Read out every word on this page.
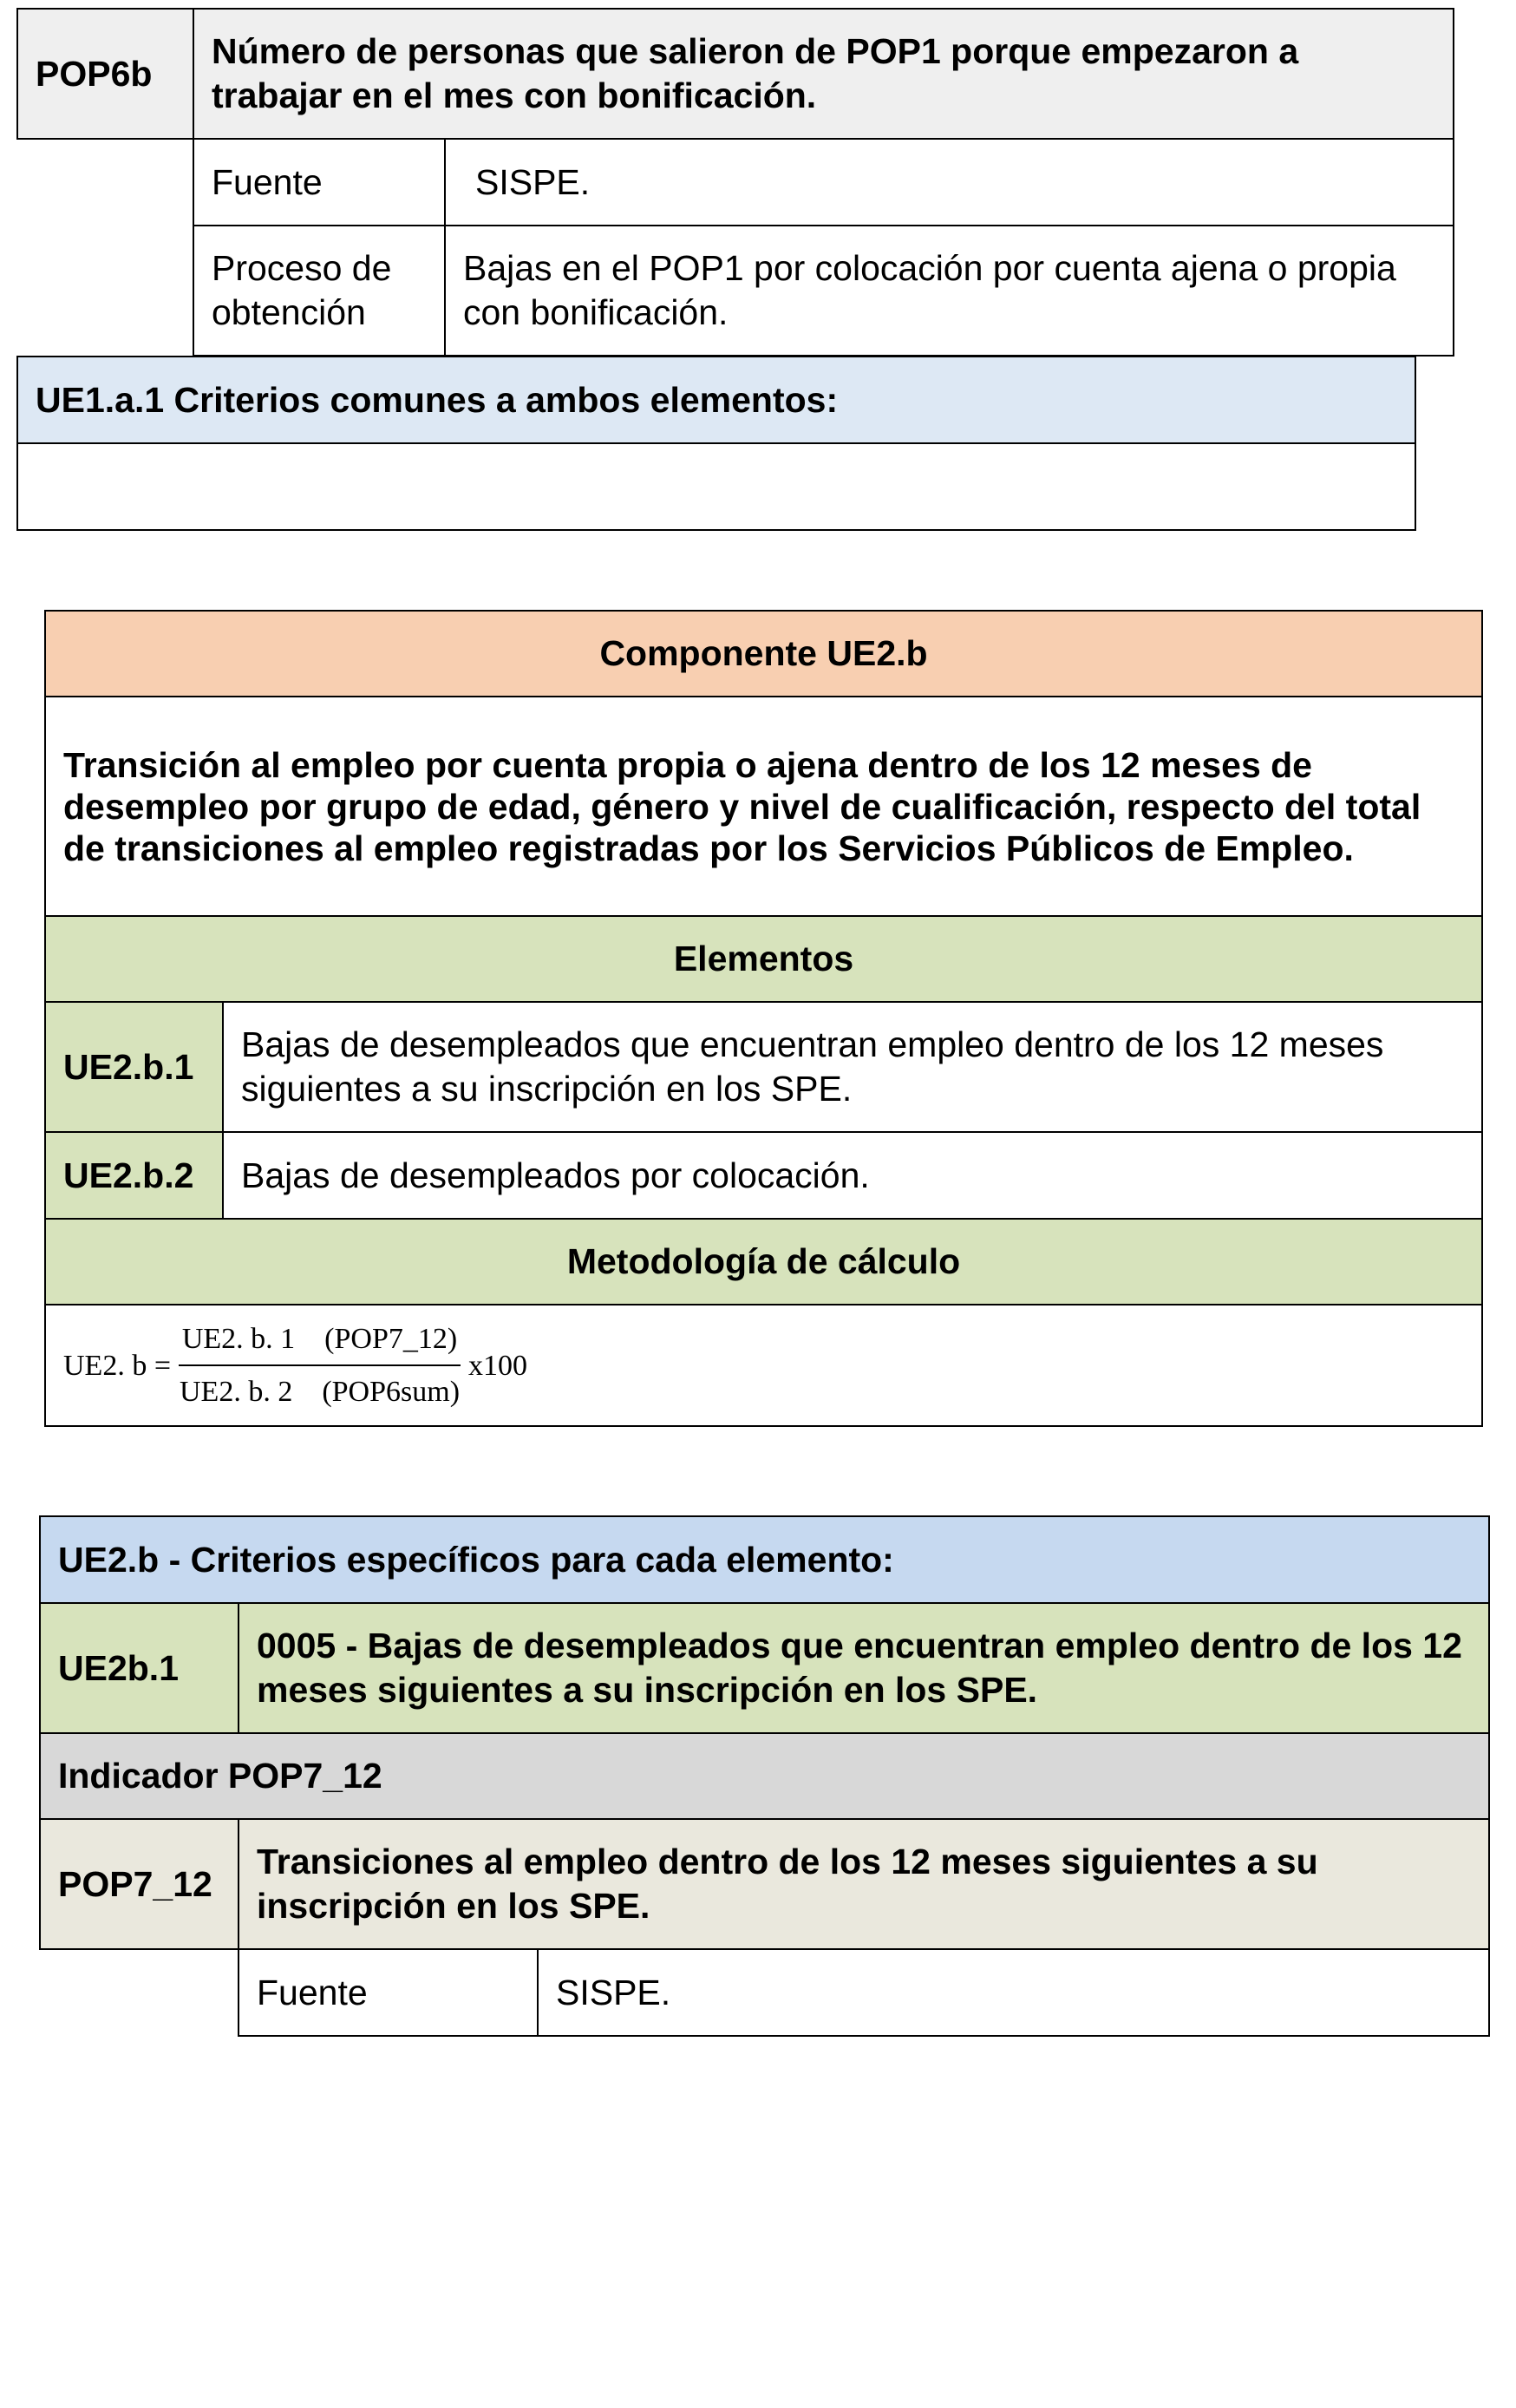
POP6b	Número de personas que salieron de POP1 porque empezaron a trabajar en el mes con bonificación.	
	Fuente	SISPE.
	Proceso de obtención	Bajas en el POP1 por colocación por cuenta ajena o propia con bonificación.
UE1.a.1 Criterios comunes a ambos elementos:

Componente UE2.b	
Transición al empleo por cuenta propia o ajena dentro de los 12 meses de desempleo por grupo de edad, género y nivel de cualificación, respecto del total de transiciones al empleo registradas por los Servicios Públicos de Empleo.	
Elementos	
UE2.b.1	Bajas de desempleados que encuentran empleo dentro de los 12 meses siguientes a su inscripción en los SPE.
UE2.b.2	Bajas de desempleados por colocación.
Metodología de cálculo	

UE2. $b = \frac{\text{UE2. b. 1    (POP7\_12)}}{\text{UE2. b. 2    (POP6sum)}} x100$	
UE2.b - Criterios específicos para cada elemento:		
UE2b.1	0005 - Bajas de desempleados que encuentran empleo dentro de los 12 meses siguientes a su inscripción en los SPE.	
Indicador POP7_12		
POP7_12	Transiciones al empleo dentro de los 12 meses siguientes a su inscripción en los SPE.	
	Fuente	SISPE.
